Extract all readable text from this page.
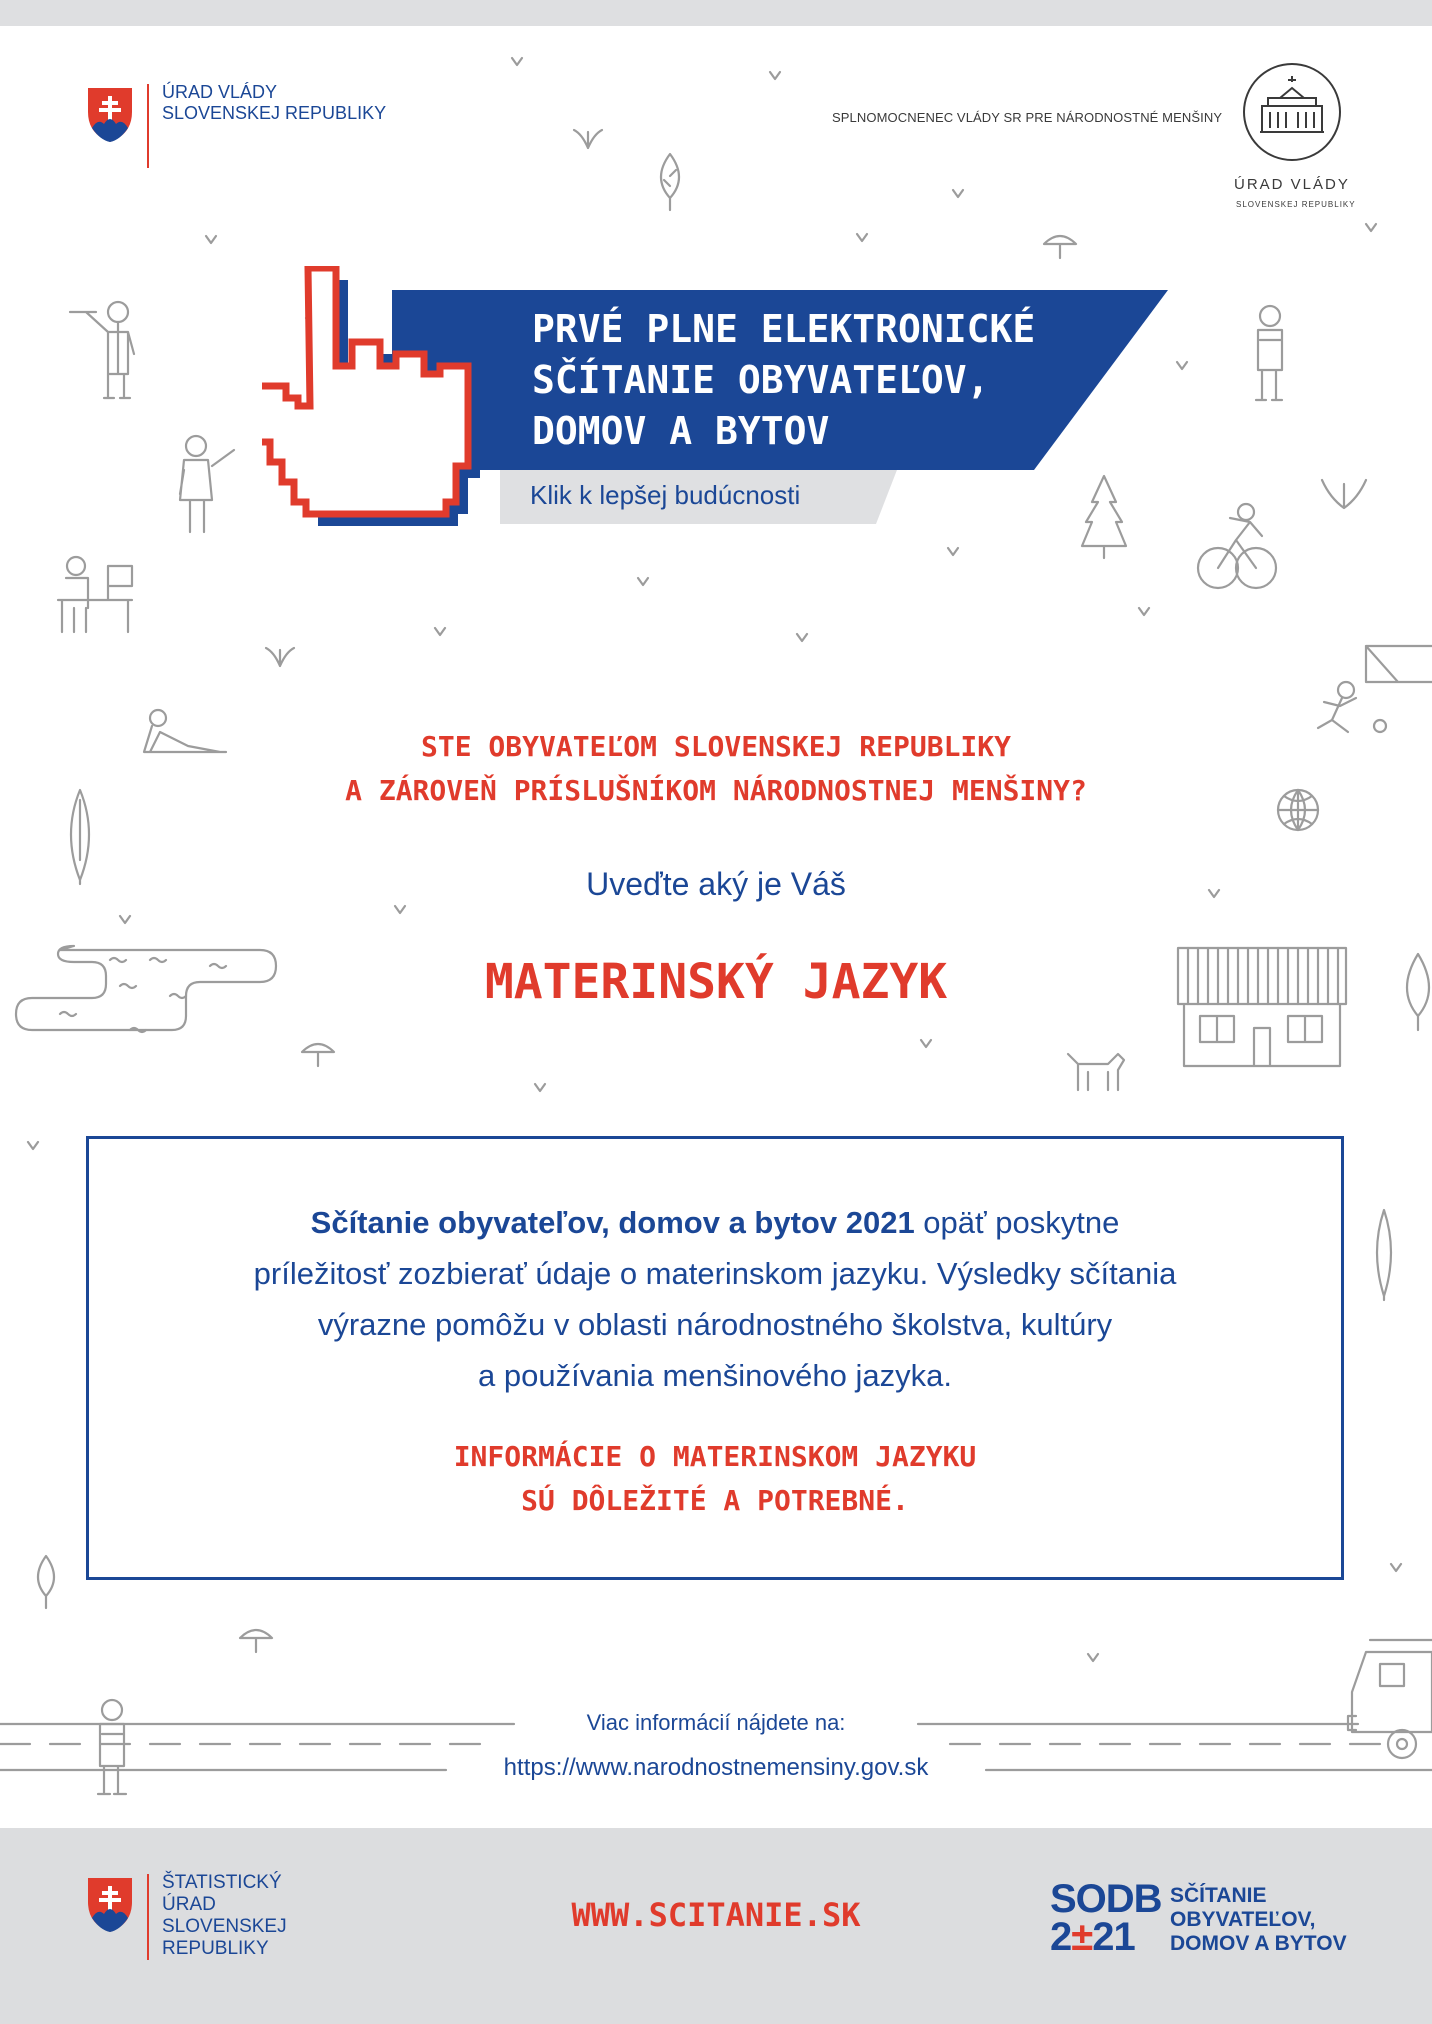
ÚRAD VLÁDY
SLOVENSKEJ REPUBLIKY	SPLNOMOCNENEC VLÁDY SR PRE NÁRODNOSTNÉ MENŠINY
ÚRAD VLÁDY
SLOVENSKEJ REPUBLIKY
PRVÉ PLNE ELEKTRONICKÉ
SČÍTANIE OBYVATEĽOV,
DOMOV A BYTOV
Klik k lepšej budúcnosti
STE OBYVATEĽOM SLOVENSKEJ REPUBLIKY
A ZÁROVEŇ PRÍSLUŠNÍKOM NÁRODNOSTNEJ MENŠINY?
Uveďte aký je Váš
MATERINSKÝ JAZYK
Sčítanie obyvateľov, domov a bytov 2021 opäť poskytne
príležitosť zozbierať údaje o materinskom jazyku. Výsledky sčítania
výrazne pomôžu v oblasti národnostného školstva, kultúry
a používania menšinového jazyka.
INFORMÁCIE O MATERINSKOM JAZYKU
SÚ DÔLEŽITÉ A POTREBNÉ.
Viac informácií nájdete na:
https://www.narodnostnemensiny.gov.sk
ŠTATISTICKÝ
ÚRAD
SLOVENSKEJ
REPUBLIKY
WWW.SCITANIE.SK	SODB
2±21
SČÍTANIE
OBYVATEĽOV,
DOMOV A BYTOV
